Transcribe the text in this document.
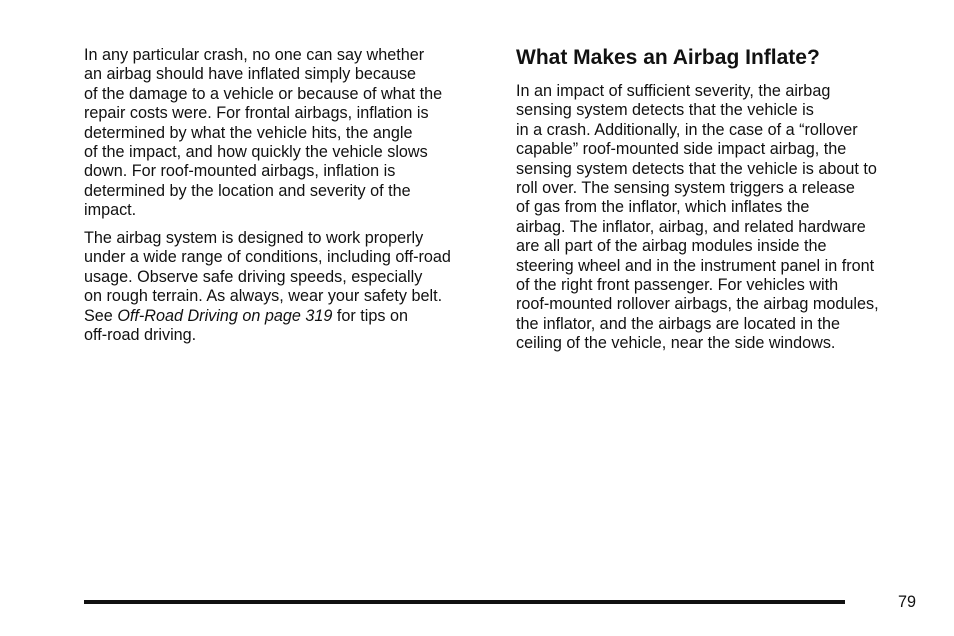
In any particular crash, no one can say whether
an airbag should have inflated simply because
of the damage to a vehicle or because of what the
repair costs were. For frontal airbags, inflation is
determined by what the vehicle hits, the angle
of the impact, and how quickly the vehicle slows
down. For roof-mounted airbags, inflation is
determined by the location and severity of the
impact.
The airbag system is designed to work properly
under a wide range of conditions, including off-road
usage. Observe safe driving speeds, especially
on rough terrain. As always, wear your safety belt.
See Off-Road Driving on page 319 for tips on
off-road driving.
What Makes an Airbag Inflate?
In an impact of sufficient severity, the airbag
sensing system detects that the vehicle is
in a crash. Additionally, in the case of a “rollover
capable” roof-mounted side impact airbag, the
sensing system detects that the vehicle is about to
roll over. The sensing system triggers a release
of gas from the inflator, which inflates the
airbag. The inflator, airbag, and related hardware
are all part of the airbag modules inside the
steering wheel and in the instrument panel in front
of the right front passenger. For vehicles with
roof-mounted rollover airbags, the airbag modules,
the inflator, and the airbags are located in the
ceiling of the vehicle, near the side windows.
79
